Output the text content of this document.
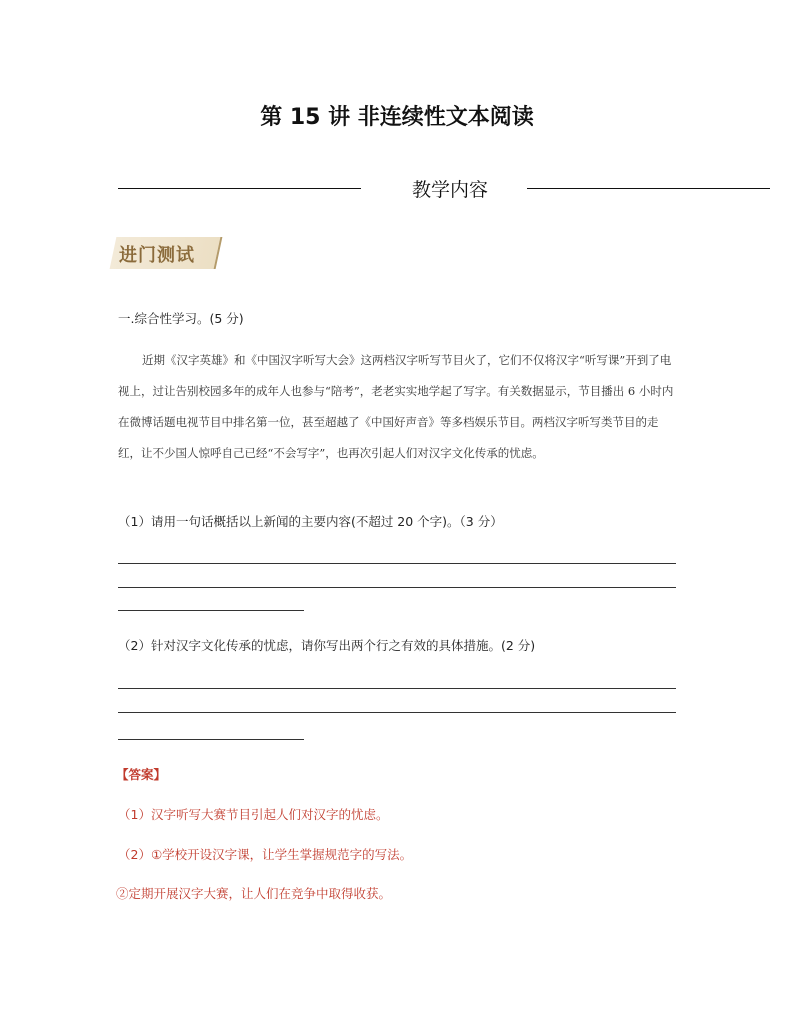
第 15 讲 非连续性文本阅读
教学内容
进门测试
一.综合性学习。(5 分)

近期《汉字英雄》和《中国汉字听写大会》这两档汉字听写节目火了，它们不仅将汉字“听写课”开到了电视上，过让告别校园多年的成年人也参与“陪考”，老老实实地学起了写字。有关数据显示，节目播出 6 小时内在微博话题电视节目中排名第一位，甚至超越了《中国好声音》等多档娱乐节目。两档汉字听写类节目的走红，让不少国人惊呼自己已经“不会写字”，也再次引起人们对汉字文化传承的忧虑。

（1）请用一句话概括以上新闻的主要内容(不超过 20 个字)。（3 分）
（2）针对汉字文化传承的忧虑，请你写出两个行之有效的具体措施。(2 分)
【答案】
（1）汉字听写大赛节目引起人们对汉字的忧虑。
（2）①学校开设汉字课，让学生掌握规范字的写法。
②定期开展汉字大赛，让人们在竞争中取得收获。
